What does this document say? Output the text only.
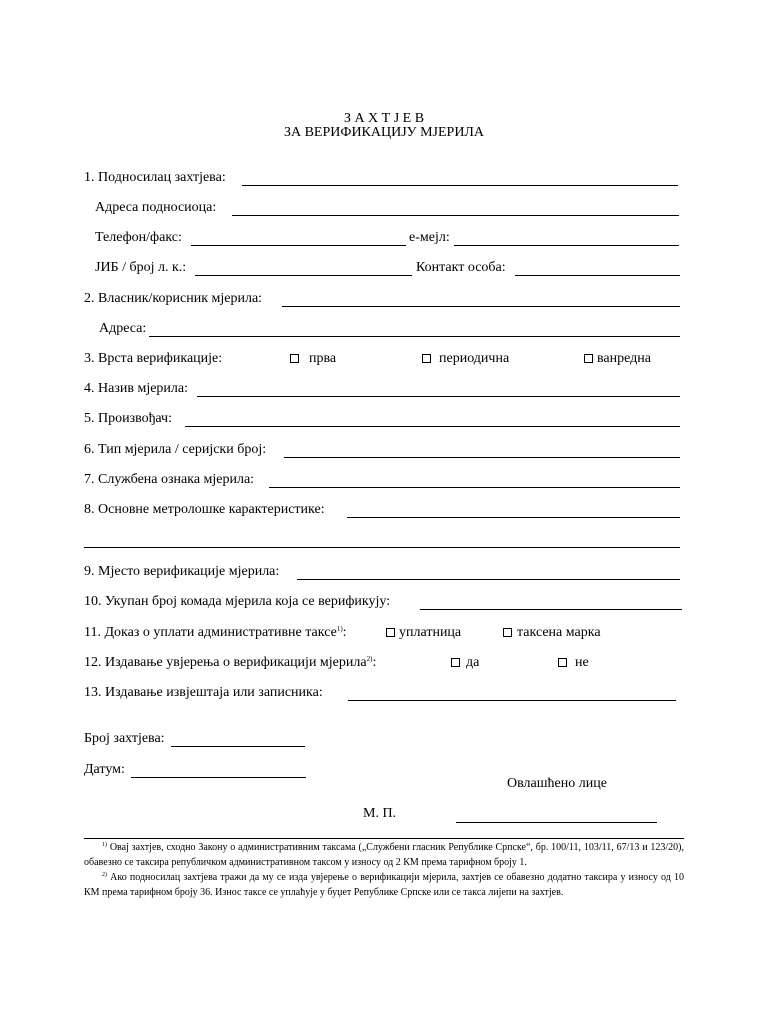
З А Х Т Ј Е В
ЗА ВЕРИФИКАЦИЈУ МЈЕРИЛА
1. Подносилац захтјева:
Адреса подносиоца:
Телефон/факс:	е-мејл:
ЈИБ / број л. к.:	Контакт особа:
2. Власник/корисник мјерила:
Адреса:
3. Врста верификације:	прва	периодична	ванредна
4. Назив мјерила:
5. Произвођач:
6. Тип мјерила / серијски број:
7. Службена ознака мјерила:
8. Основне метролошке карактеристике:
9. Мјесто верификације мјерила:
10. Укупан број комада мјерила која се верификују:
11. Доказ о уплати административне таксе$^{1)}$:	уплатница	таксена марка
12. Издавање увјерења о верификацији мјерила$^{2)}$:	да	не
13. Издавање извјештаја или записника:
Број захтјева:
Датум:
Овлашћено лице
М. П.
$^{1)}$ Овај захтјев, сходно Закону о административним таксама („Службени гласник Републике Српске“, бр. 100/11, 103/11, 67/13 и 123/20), обавезно се таксира републичком административном таксом у износу од 2 КМ према тарифном броју 1.
$^{2)}$ Ако подносилац захтјева тражи да му се изда увјерење о верификацији мјерила, захтјев се обавезно додатно таксира у износу од 10 КМ према тарифном броју 36. Износ таксе се уплаћује у буџет Републике Српске или се такса лијепи на захтјев.
